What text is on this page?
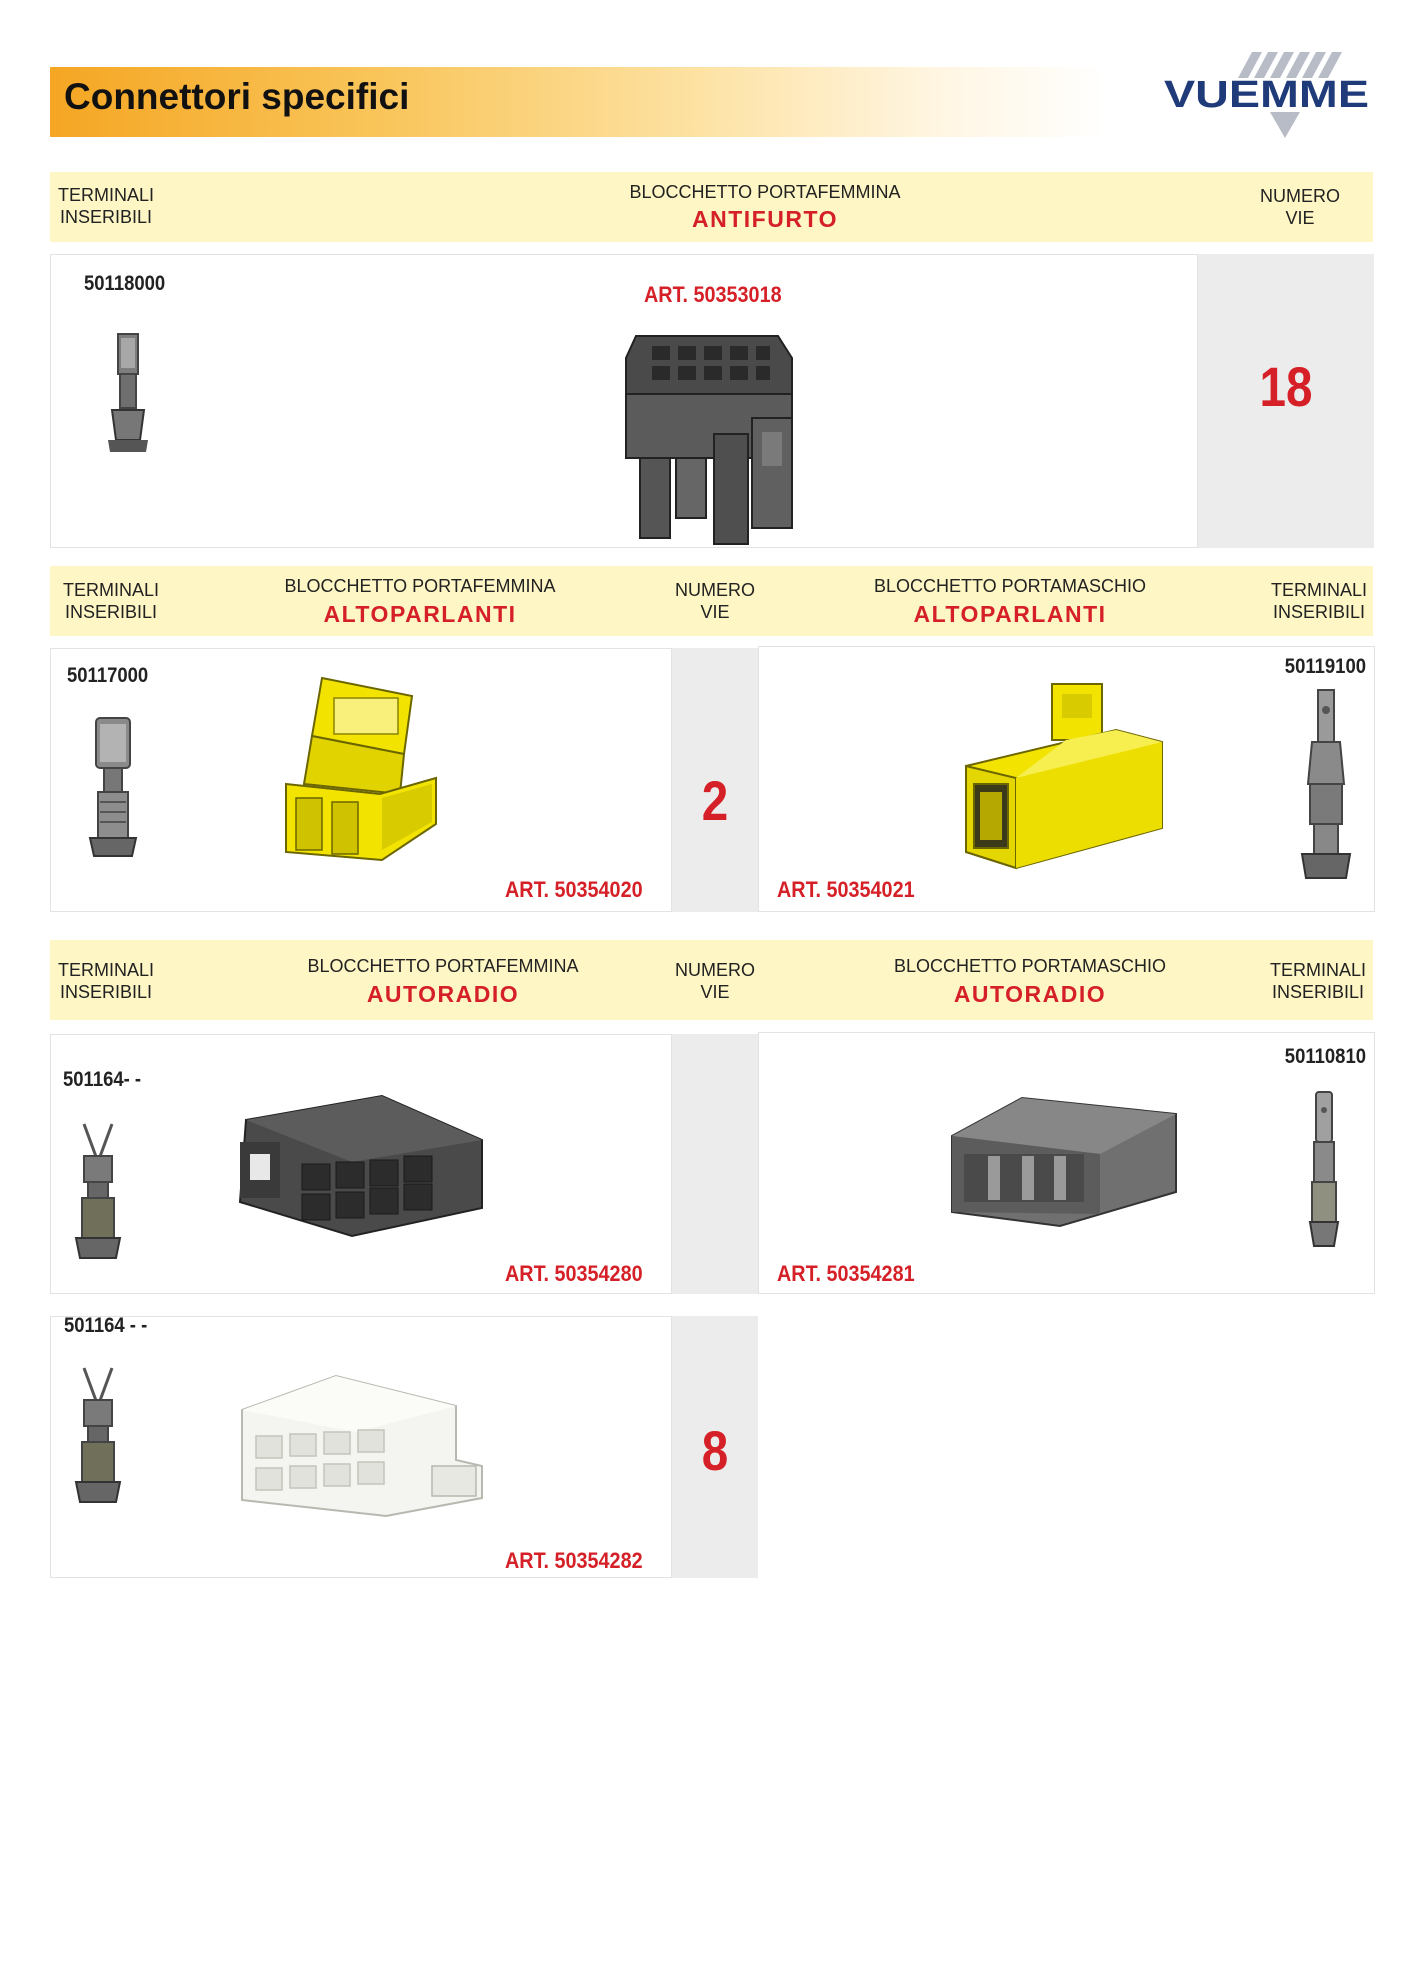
Connettori specifici	VUEMME
TERMINALI
INSERIBILI
BLOCCHETTO PORTAFEMMINA
ANTIFURTO
NUMERO
VIE
50118000	ART. 50353018
18
TERMINALI
INSERIBILI
BLOCCHETTO PORTAFEMMINA
ALTOPARLANTI
NUMERO
VIE
BLOCCHETTO PORTAMASCHIO
ALTOPARLANTI
TERMINALI
INSERIBILI
50117000
ART. 50354020
2
ART. 50354021
50119100
TERMINALI
INSERIBILI
BLOCCHETTO PORTAFEMMINA
AUTORADIO
NUMERO
VIE
BLOCCHETTO PORTAMASCHIO
AUTORADIO
TERMINALI
INSERIBILI
501164- -
ART. 50354280	ART. 50354281
50110810
501164 - -
ART. 50354282
8
